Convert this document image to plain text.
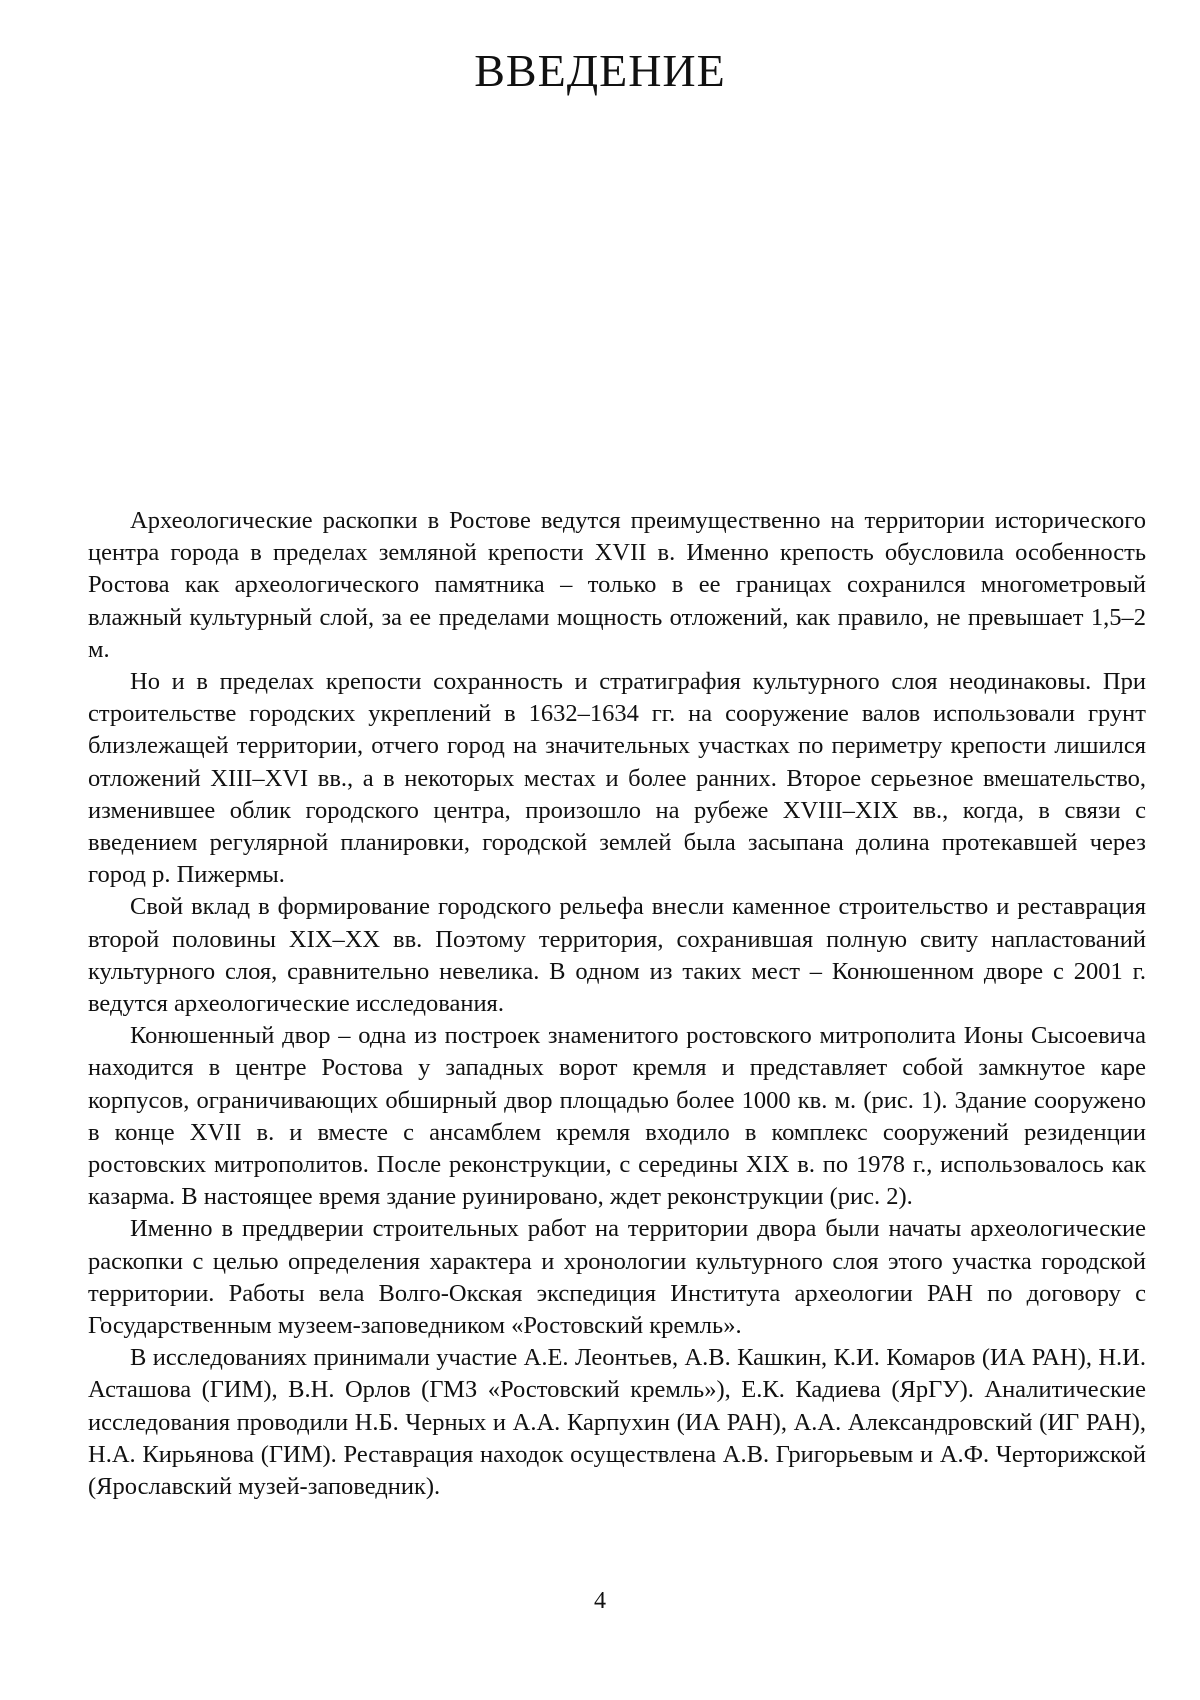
ВВЕДЕНИЕ

Археологические раскопки в Ростове ведутся преимущественно на территории исторического центра города в пределах земляной крепости XVII в. Именно крепость обусловила особенность Ростова как археологического памятника – только в ее границах сохранился многометровый влажный культурный слой, за ее пределами мощность отложений, как правило, не превышает 1,5–2 м.

Но и в пределах крепости сохранность и стратиграфия культурного слоя неодинаковы. При строительстве городских укреплений в 1632–1634 гг. на сооружение валов использовали грунт близлежащей территории, отчего город на значительных участках по периметру крепости лишился отложений XIII–XVI вв., а в некоторых местах и более ранних. Второе серьезное вмешательство, изменившее облик городского центра, произошло на рубеже XVIII–XIX вв., когда, в связи с введением регулярной планировки, городской землей была засыпана долина протекавшей через город р. Пижермы.

Свой вклад в формирование городского рельефа внесли каменное строительство и реставрация второй половины XIX–XX вв. Поэтому территория, сохранившая полную свиту напластований культурного слоя, сравнительно невелика. В одном из таких мест – Конюшенном дворе с 2001 г. ведутся археологические исследования.

Конюшенный двор – одна из построек знаменитого ростовского митрополита Ионы Сысоевича находится в центре Ростова у западных ворот кремля и представляет собой замкнутое каре корпусов, ограничивающих обширный двор площадью более 1000 кв. м. (рис. 1). Здание сооружено в конце XVII в. и вместе с ансамблем кремля входило в комплекс сооружений резиденции ростовских митрополитов. После реконструкции, с середины XIX в. по 1978 г., использовалось как казарма. В настоящее время здание руинировано, ждет реконструкции (рис. 2).

Именно в преддверии строительных работ на территории двора были начаты археологические раскопки с целью определения характера и хронологии культурного слоя этого участка городской территории. Работы вела Волго-Окская экспедиция Института археологии РАН по договору с Государственным музеем-заповедником «Ростовский кремль».

В исследованиях принимали участие А.Е. Леонтьев, А.В. Кашкин, К.И. Комаров (ИА РАН), Н.И. Асташова (ГИМ), В.Н. Орлов (ГМЗ «Ростовский кремль»), Е.К. Кадиева (ЯрГУ). Аналитические исследования проводили Н.Б. Черных и А.А. Карпухин (ИА РАН), А.А. Александровский (ИГ РАН), Н.А. Кирьянова (ГИМ). Реставрация находок осуществлена А.В. Григорьевым и А.Ф. Черторижской (Ярославский музей-заповедник).

4
